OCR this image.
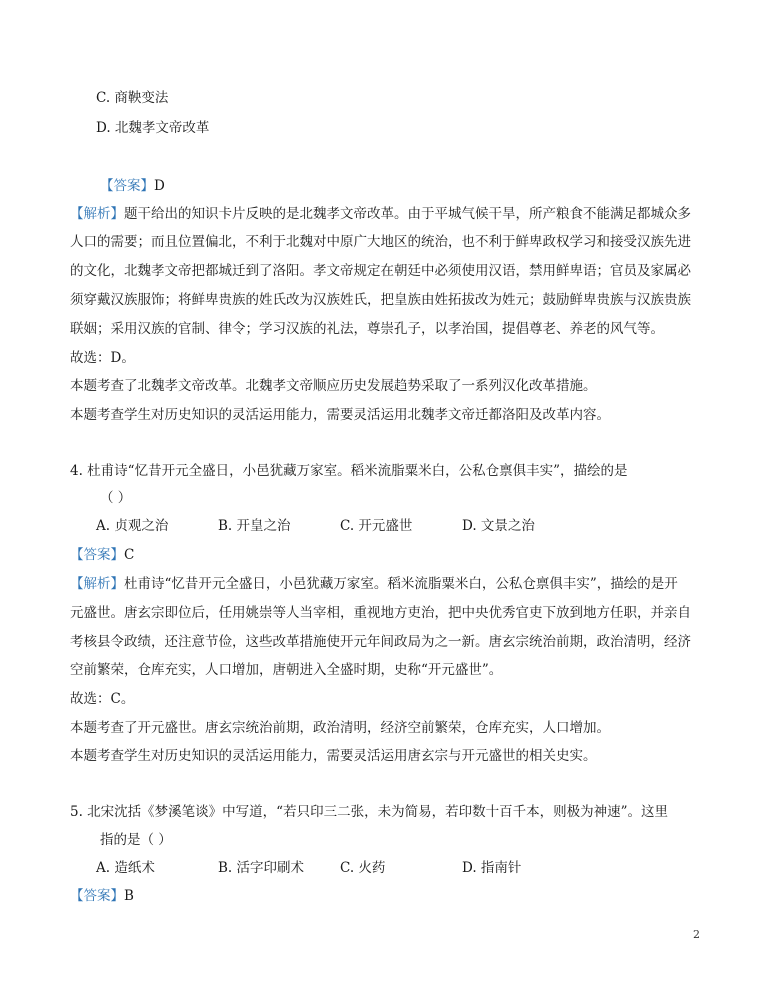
C. 商鞅变法
D. 北魏孝文帝改革
【答案】D
【解析】题干给出的知识卡片反映的是北魏孝文帝改革。由于平城气候干旱，所产粮食不能满足都城众多
人口的需要；而且位置偏北，不利于北魏对中原广大地区的统治，也不利于鲜卑政权学习和接受汉族先进
的文化，北魏孝文帝把都城迁到了洛阳。孝文帝规定在朝廷中必须使用汉语，禁用鲜卑语；官员及家属必
须穿戴汉族服饰；将鲜卑贵族的姓氏改为汉族姓氏，把皇族由姓拓拔改为姓元；鼓励鲜卑贵族与汉族贵族
联姻；采用汉族的官制、律令；学习汉族的礼法，尊崇孔子，以孝治国，提倡尊老、养老的风气等。
故选：D。
本题考查了北魏孝文帝改革。北魏孝文帝顺应历史发展趋势采取了一系列汉化改革措施。
本题考查学生对历史知识的灵活运用能力，需要灵活运用北魏孝文帝迁都洛阳及改革内容。
4. 杜甫诗“忆昔开元全盛日，小邑犹藏万家室。稻米流脂粟米白，公私仓禀俱丰实”，描绘的是
（ ）
A. 贞观之治	B. 开皇之治	C. 开元盛世	D. 文景之治
【答案】C
【解析】杜甫诗“忆昔开元全盛日，小邑犹藏万家室。稻米流脂粟米白，公私仓禀俱丰实”，描绘的是开
元盛世。唐玄宗即位后，任用姚崇等人当宰相，重视地方吏治，把中央优秀官吏下放到地方任职，并亲自
考核县令政绩，还注意节俭，这些改革措施使开元年间政局为之一新。唐玄宗统治前期，政治清明，经济
空前繁荣，仓库充实，人口增加，唐朝进入全盛时期，史称“开元盛世”。
故选：C。
本题考查了开元盛世。唐玄宗统治前期，政治清明，经济空前繁荣，仓库充实，人口增加。
本题考查学生对历史知识的灵活运用能力，需要灵活运用唐玄宗与开元盛世的相关史实。
5. 北宋沈括《梦溪笔谈》中写道，“若只印三二张，未为简易，若印数十百千本，则极为神速”。这里
指的是（ ）
A. 造纸术	B. 活字印刷术	C. 火药	D. 指南针
【答案】B
2
